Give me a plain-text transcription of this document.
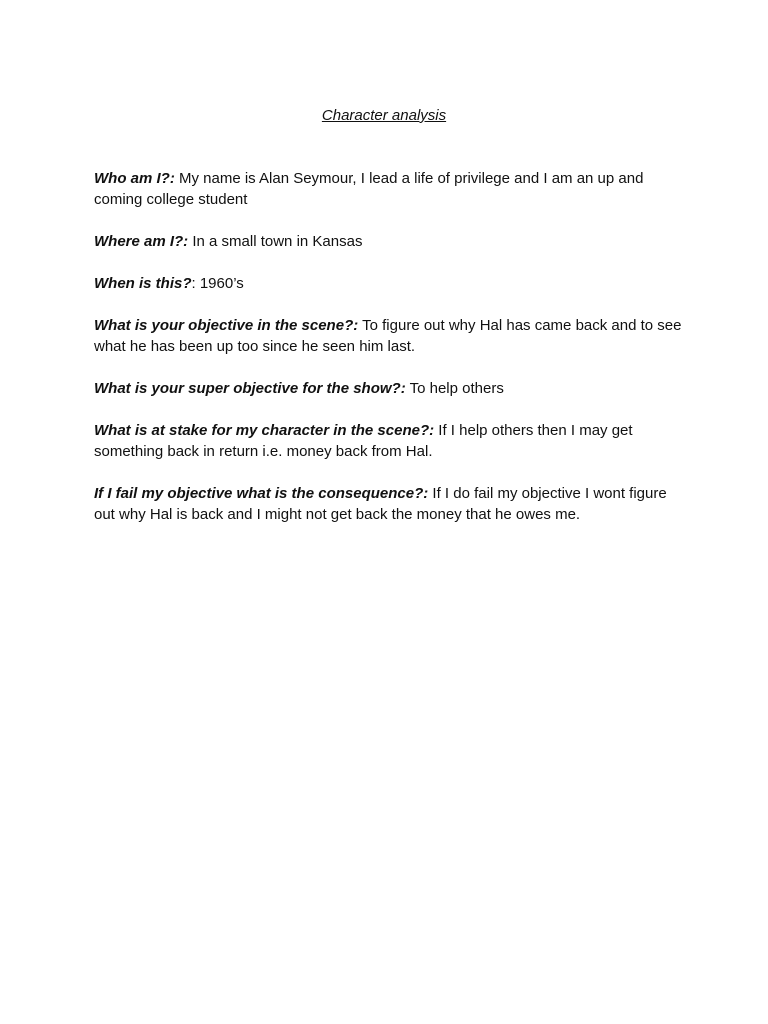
Character analysis

Who am I?: My name is Alan Seymour, I lead a life of privilege and I am an up and coming college student

Where am I?: In a small town in Kansas

When is this?: 1960’s

What is your objective in the scene?: To figure out why Hal has came back and to see what he has been up too since he seen him last.

What is your super objective for the show?: To help others

What is at stake for my character in the scene?: If I help others then I may get something back in return i.e. money back from Hal.

If I fail my objective what is the consequence?: If I do fail my objective I wont figure out why Hal is back and I might not get back the money that he owes me.
